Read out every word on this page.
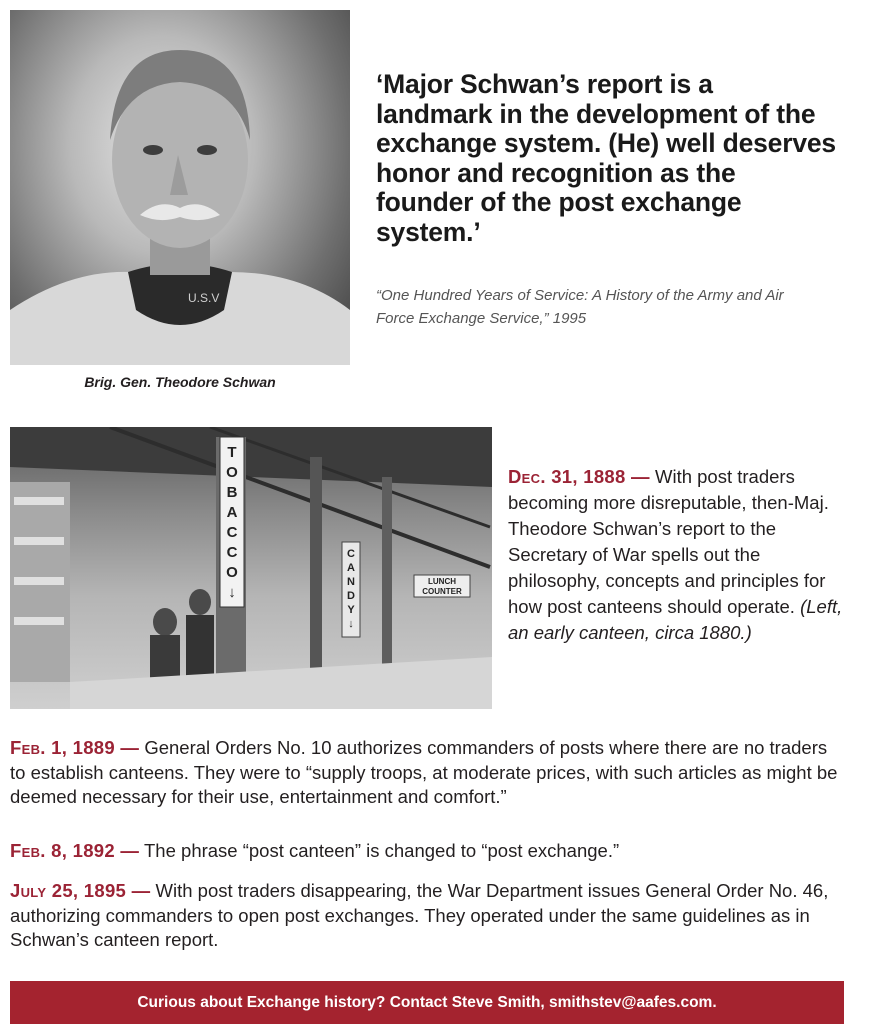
U.S.V
Brig. Gen. Theodore Schwan
‘Major Schwan’s report is a landmark in the development of the exchange system. (He) well deserves honor and recognition as the founder of the post exchange system.’
“One Hundred Years of Service: A History of the Army and Air Force Exchange Service,” 1995
T
O
B
A
C
C
O
↓
C
A
N
D
Y
↓
LUNCH
COUNTER
Dec. 31, 1888 — With post traders becoming more disreputable, then-Maj. Theodore Schwan’s report to the Secretary of War spells out the philosophy, concepts and principles for how post canteens should operate. (Left, an early canteen, circa 1880.)
Feb. 1, 1889 — General Orders No. 10 authorizes commanders of posts where there are no traders to establish canteens. They were to “supply troops, at moderate prices, with such articles as might be deemed necessary for their use, entertainment and comfort.”
Feb. 8, 1892 — The phrase “post canteen” is changed to “post exchange.”
July 25, 1895 — With post traders disappearing, the War Department issues General Order No. 46, authorizing commanders to open post exchanges. They operated under the same guidelines as in Schwan’s canteen report.
Curious about Exchange history? Contact Steve Smith, smithstev@aafes.com.
